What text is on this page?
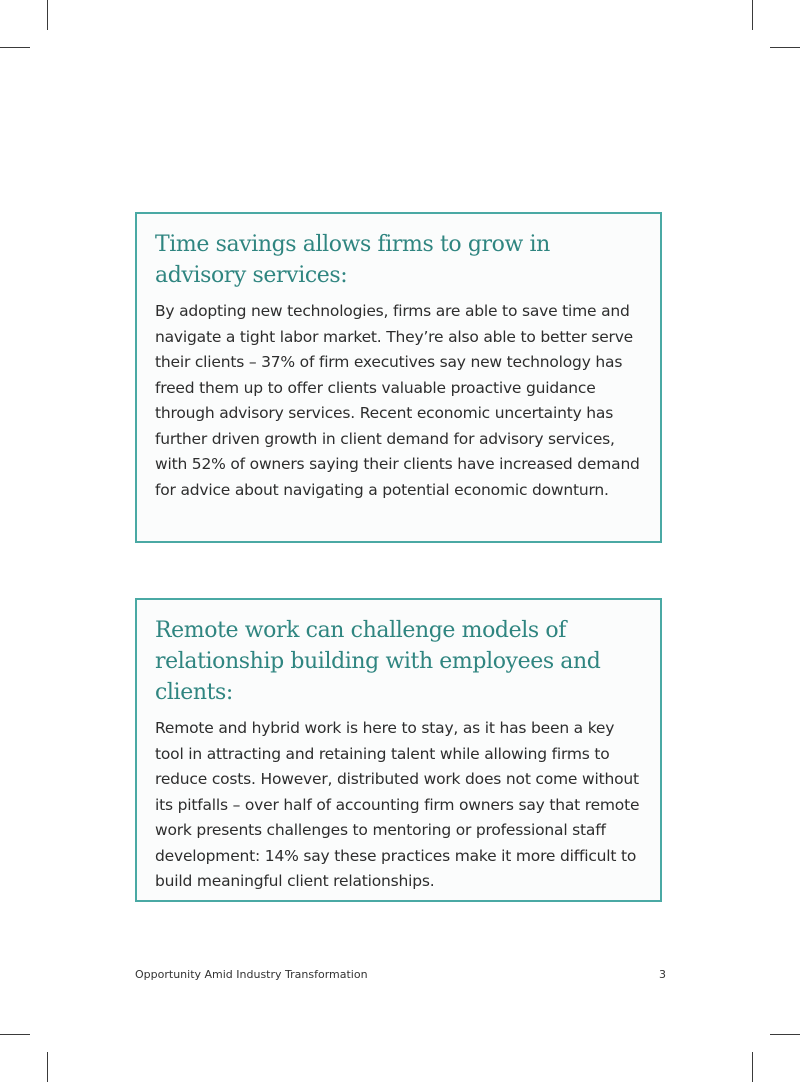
Time savings allows firms to grow in advisory services:

By adopting new technologies, firms are able to save time and navigate a tight labor market. They’re also able to better serve their clients – 37% of firm executives say new technology has freed them up to offer clients valuable proactive guidance through advisory services. Recent economic uncertainty has further driven growth in client demand for advisory services, with 52% of owners saying their clients have increased demand for advice about navigating a potential economic downturn.

Remote work can challenge models of relationship building with employees and clients:

Remote and hybrid work is here to stay, as it has been a key tool in attracting and retaining talent while allowing firms to reduce costs. However, distributed work does not come without its pitfalls – over half of accounting firm owners say that remote work presents challenges to mentoring or professional staff development: 14% say these practices make it more difficult to build meaningful client relationships.

Opportunity Amid Industry Transformation	3
